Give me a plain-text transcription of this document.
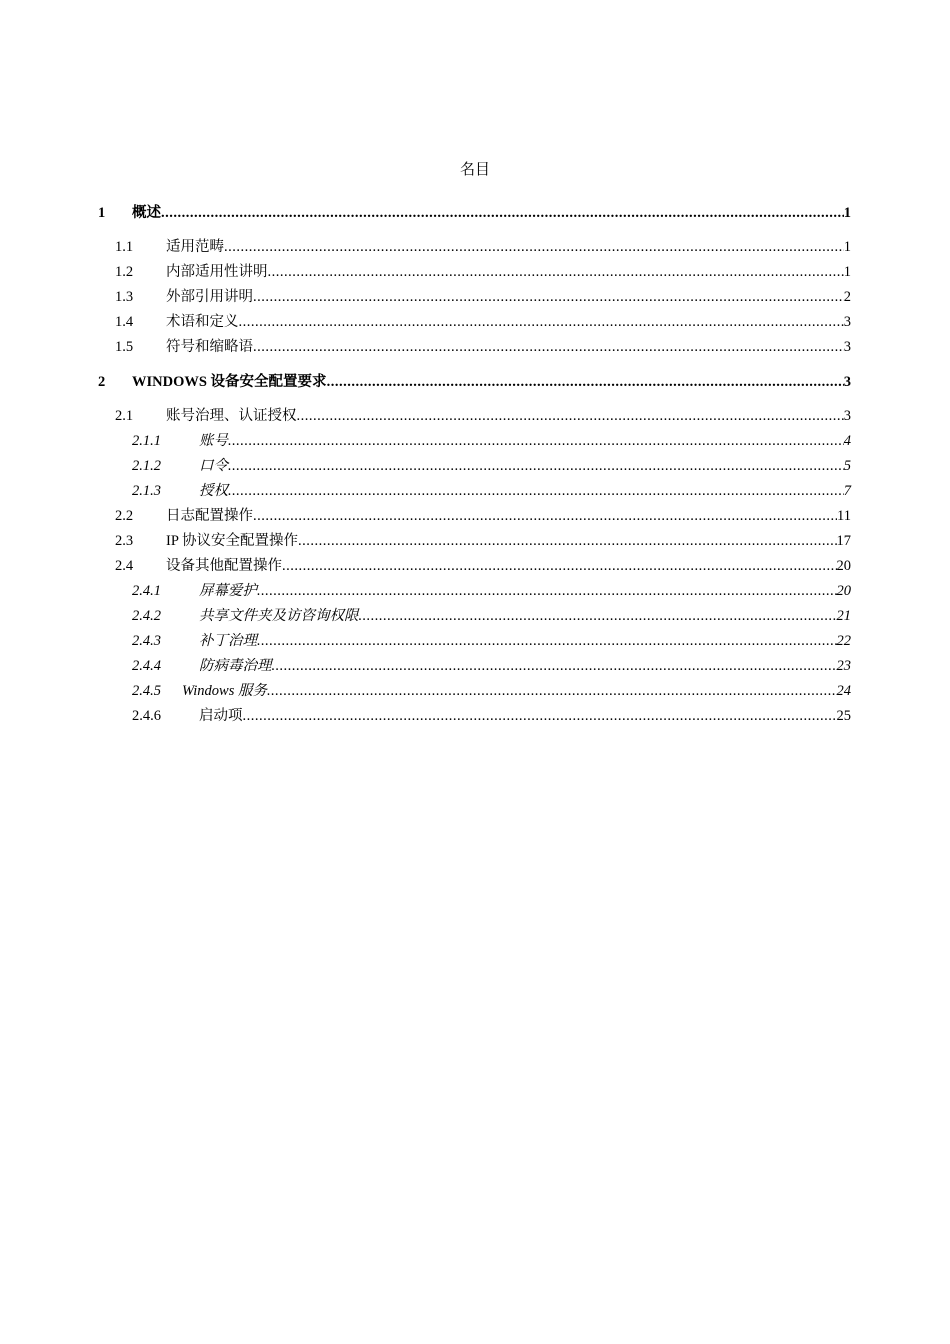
名目
1 概述 .....	1
1.1 适用范畴 .....	1
1.2 内部适用性讲明 .....	1
1.3 外部引用讲明 .....	2
1.4 术语和定义 .....	3
1.5 符号和缩略语 .....	3
2 WINDOWS 设备安全配置要求 .....	3
2.1 账号治理、认证授权 .....	3
2.1.1	账号 .....	4
2.1.2	口令 .....	5
2.1.3	授权 .....	7
2.2 日志配置操作 .....	11
2.3 IP 协议安全配置操作 .....	17
2.4 设备其他配置操作 .....	20
2.4.1	屏幕爱护 .....	20
2.4.2	共享文件夹及访咨询权限 .....	21
2.4.3	补丁治理 .....	22
2.4.4	防病毒治理 .....	23
2.4.5 Windows 服务 .....	24
2.4.6	启动项 .....	25
